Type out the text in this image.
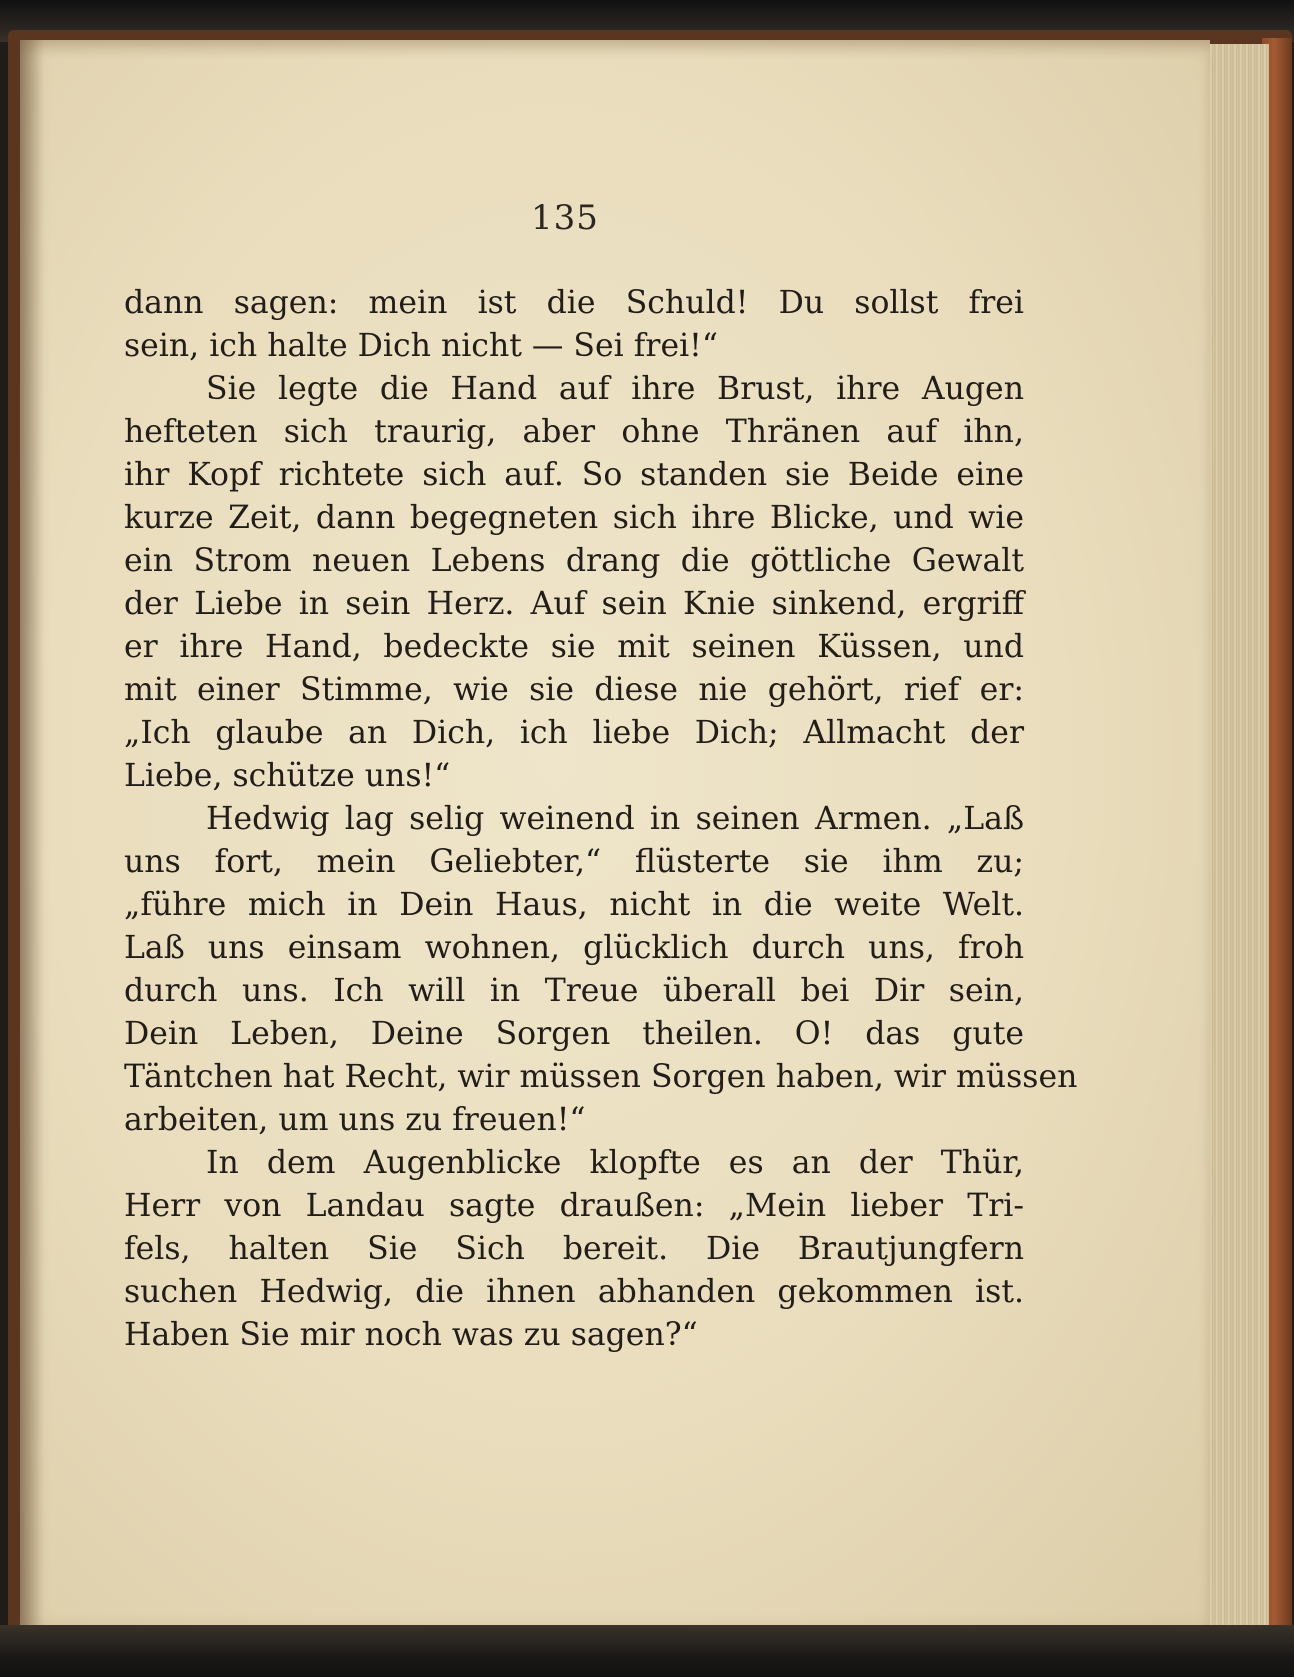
135
dann sagen: mein ist die Schuld! Du sollst frei
sein, ich halte Dich nicht — Sei frei!“
Sie legte die Hand auf ihre Brust, ihre Augen
hefteten sich traurig, aber ohne Thränen auf ihn,
ihr Kopf richtete sich auf. So standen sie Beide eine
kurze Zeit, dann begegneten sich ihre Blicke, und wie
ein Strom neuen Lebens drang die göttliche Gewalt
der Liebe in sein Herz. Auf sein Knie sinkend, ergriff
er ihre Hand, bedeckte sie mit seinen Küssen, und
mit einer Stimme, wie sie diese nie gehört, rief er:
„Ich glaube an Dich, ich liebe Dich; Allmacht der
Liebe, schütze uns!“
Hedwig lag selig weinend in seinen Armen. „Laß
uns fort, mein Geliebter,“ flüsterte sie ihm zu;
„führe mich in Dein Haus, nicht in die weite Welt.
Laß uns einsam wohnen, glücklich durch uns, froh
durch uns. Ich will in Treue überall bei Dir sein,
Dein Leben, Deine Sorgen theilen. O! das gute
Täntchen hat Recht, wir müssen Sorgen haben, wir müssen
arbeiten, um uns zu freuen!“
In dem Augenblicke klopfte es an der Thür,
Herr von Landau sagte draußen: „Mein lieber Tri-
fels, halten Sie Sich bereit. Die Brautjungfern
suchen Hedwig, die ihnen abhanden gekommen ist.
Haben Sie mir noch was zu sagen?“
